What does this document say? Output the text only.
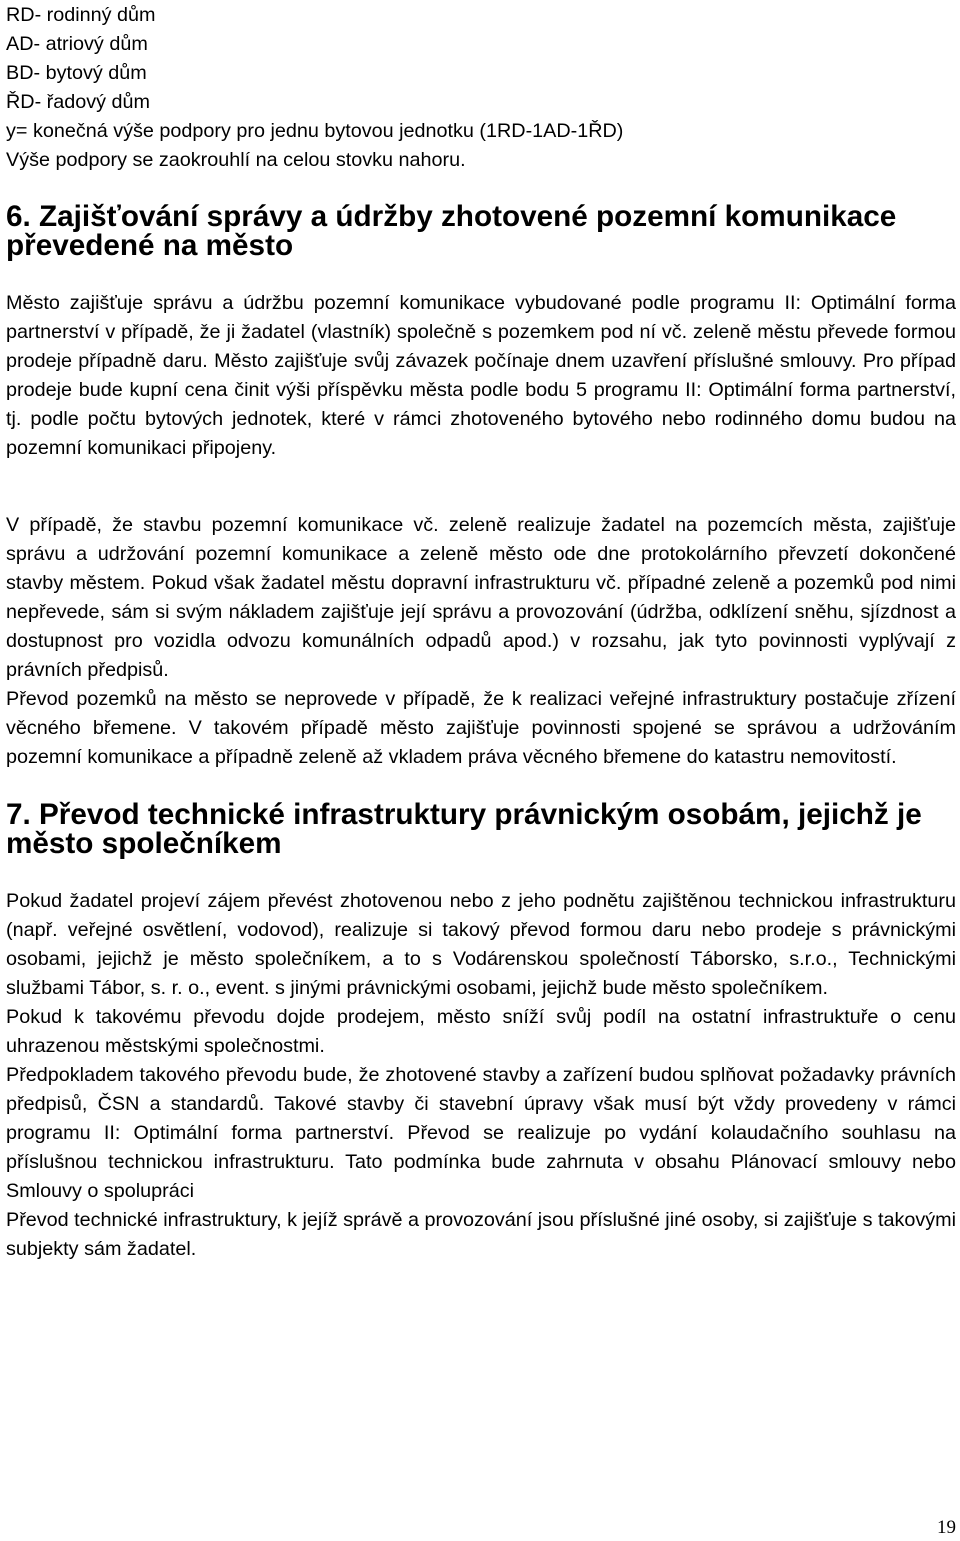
RD- rodinný dům
AD- atriový dům
BD- bytový dům
ŘD- řadový dům
y= konečná výše podpory pro jednu bytovou jednotku (1RD-1AD-1ŘD)
Výše podpory se zaokrouhlí na celou stovku nahoru.
6. Zajišťování správy a údržby zhotovené pozemní komunikace převedené na město

Město zajišťuje správu a údržbu pozemní komunikace vybudované podle programu II: Optimální forma partnerství v případě, že ji žadatel (vlastník) společně s pozemkem pod ní vč. zeleně městu převede formou prodeje případně daru. Město zajišťuje svůj závazek počínaje dnem uzavření příslušné smlouvy. Pro případ prodeje bude kupní cena činit výši příspěvku města podle bodu 5 programu II: Optimální forma partnerství, tj. podle počtu bytových jednotek, které v rámci zhotoveného bytového nebo rodinného domu budou na pozemní komunikaci připojeny.

V případě, že stavbu pozemní komunikace vč. zeleně realizuje žadatel na pozemcích města, zajišťuje správu a udržování pozemní komunikace a zeleně město ode dne protokolárního převzetí dokončené stavby městem. Pokud však žadatel městu dopravní infrastrukturu vč. případné zeleně a pozemků pod nimi nepřevede, sám si svým nákladem zajišťuje její správu a provozování (údržba, odklízení sněhu, sjízdnost a dostupnost pro vozidla odvozu komunálních odpadů apod.) v rozsahu, jak tyto povinnosti vyplývají z právních předpisů.

Převod pozemků na město se neprovede v případě, že k realizaci veřejné infrastruktury postačuje zřízení věcného břemene. V takovém případě město zajišťuje povinnosti spojené se správou a udržováním pozemní komunikace a případně zeleně až vkladem práva věcného břemene do katastru nemovitostí.

7. Převod technické infrastruktury právnickým osobám, jejichž je město společníkem

Pokud žadatel projeví zájem převést zhotovenou nebo z jeho podnětu zajištěnou technickou infrastrukturu (např. veřejné osvětlení, vodovod), realizuje si takový převod formou daru nebo prodeje s právnickými osobami, jejichž je město společníkem, a to s Vodárenskou společností Táborsko, s.r.o., Technickými službami Tábor, s. r. o., event. s jinými právnickými osobami, jejichž bude město společníkem.

Pokud k takovému převodu dojde prodejem, město sníží svůj podíl na ostatní infrastruktuře o cenu uhrazenou městskými společnostmi.

Předpokladem takového převodu bude, že zhotovené stavby a zařízení budou splňovat požadavky právních předpisů, ČSN a standardů. Takové stavby či stavební úpravy však musí být vždy provedeny v rámci programu II: Optimální forma partnerství. Převod se realizuje po vydání kolaudačního souhlasu na příslušnou technickou infrastrukturu. Tato podmínka bude zahrnuta v obsahu Plánovací smlouvy nebo Smlouvy o spolupráci

Převod technické infrastruktury, k jejíž správě a provozování jsou příslušné jiné osoby, si zajišťuje s takovými subjekty sám žadatel.

19
